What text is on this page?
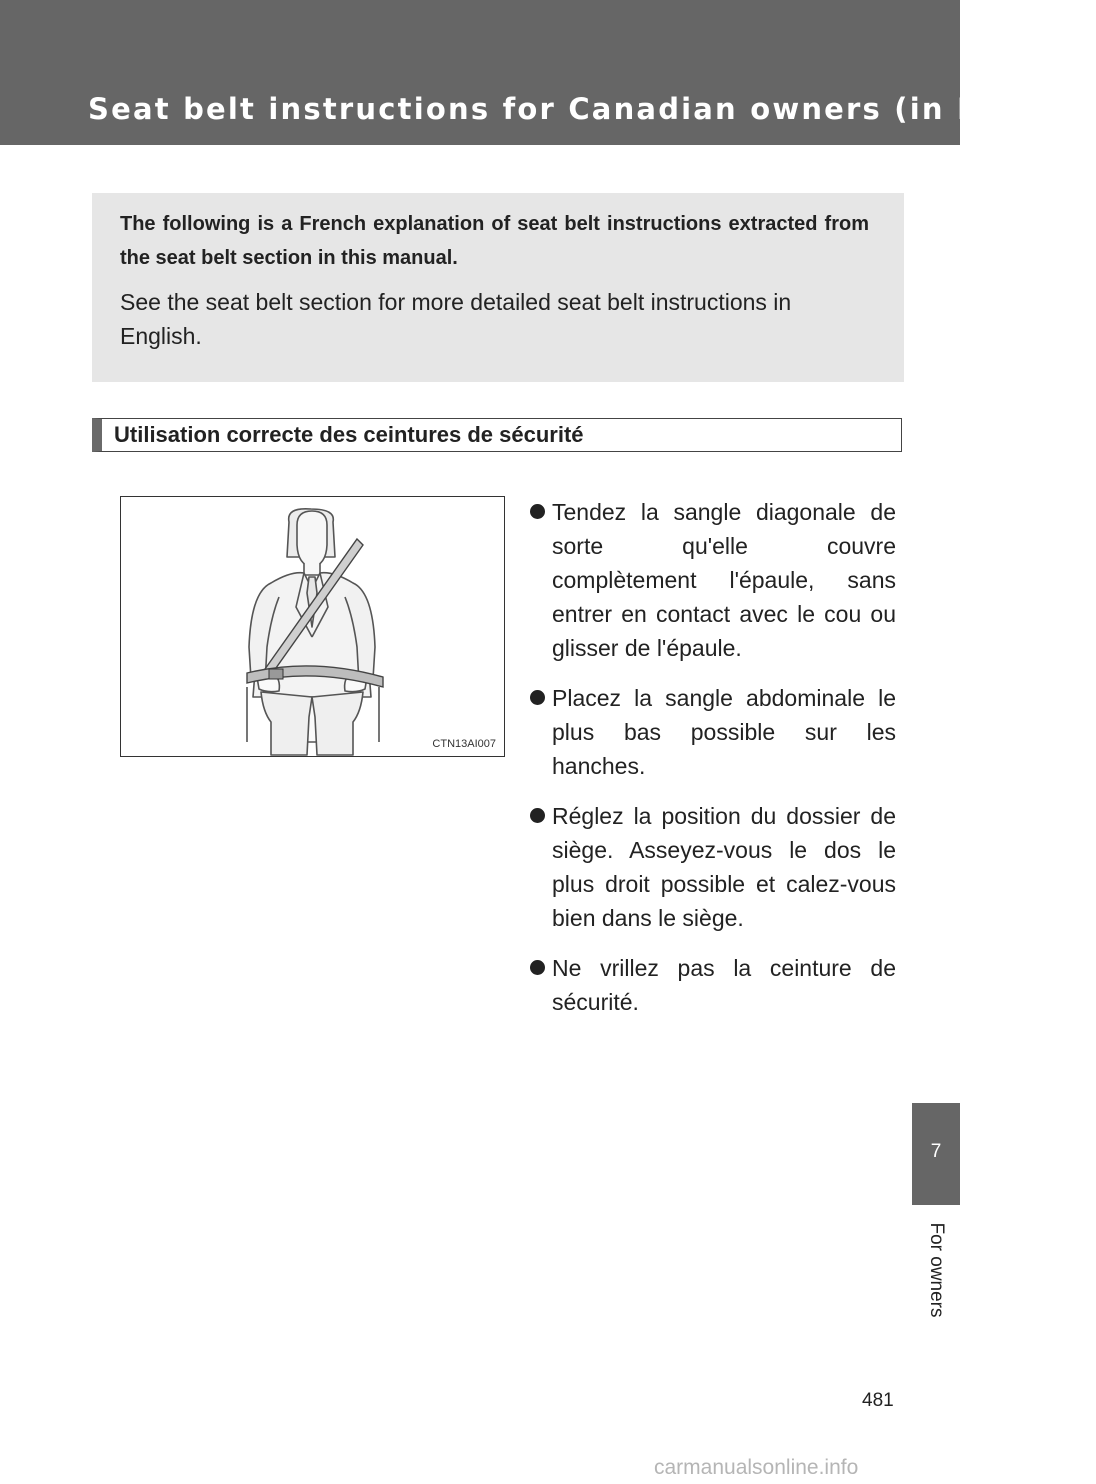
Seat belt instructions for Canadian owners (in French)
The following is a French explanation of seat belt instructions extracted from the seat belt section in this manual.
See the seat belt section for more detailed seat belt instructions in English.
Utilisation correcte des ceintures de sécurité
CTN13AI007
Tendez la sangle diagonale de sorte qu'elle couvre complètement l'épaule, sans entrer en contact avec le cou ou glisser de l'épaule.
Placez la sangle abdominale le plus bas possible sur les hanches.
Réglez la position du dossier de siège. Asseyez-vous le dos le plus droit possible et calez-vous bien dans le siège.
Ne vrillez pas la ceinture de sécurité.
7
For owners
481
carmanualsonline.info
